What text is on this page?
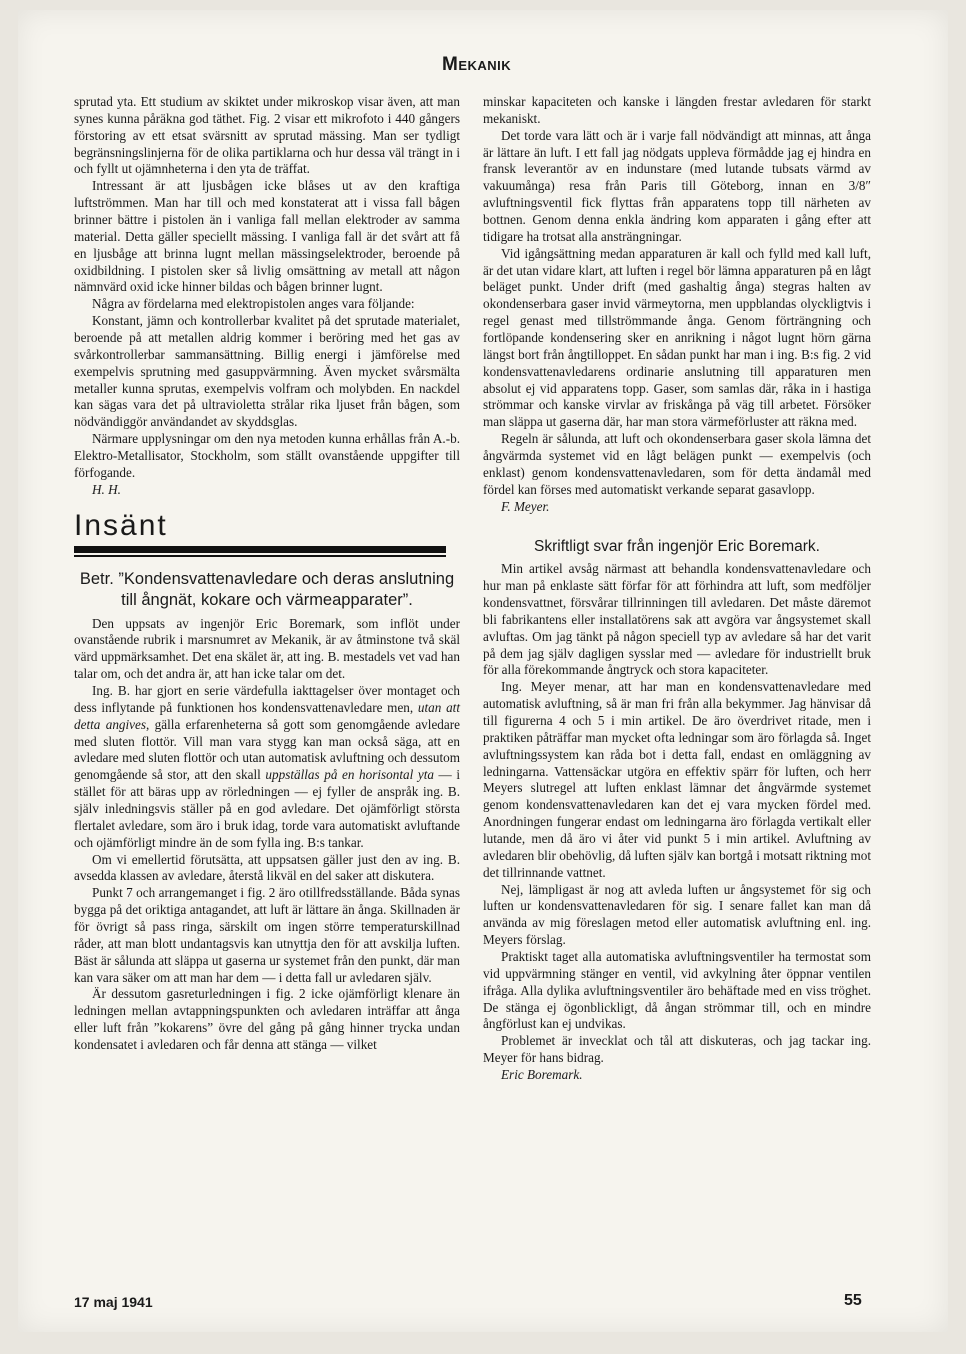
Mekanik

sprutad yta. Ett studium av skiktet under mikroskop visar även, att man synes kunna påräkna god täthet. Fig. 2 visar ett mikrofoto i 440 gångers förstoring av ett etsat svärsnitt av sprutad mässing. Man ser tydligt begränsningslinjerna för de olika partiklarna och hur dessa väl trängt in i och fyllt ut ojämnheterna i den yta de träffat.

Intressant är att ljusbågen icke blåses ut av den kraftiga luftströmmen. Man har till och med konstaterat att i vissa fall bågen brinner bättre i pistolen än i vanliga fall mellan elektroder av samma material. Detta gäller speciellt mässing. I vanliga fall är det svårt att få en ljusbåge att brinna lugnt mellan mässingselektroder, beroende på oxidbildning. I pistolen sker så livlig omsättning av metall att någon nämnvärd oxid icke hinner bildas och bågen brinner lugnt.

Några av fördelarna med elektropistolen anges vara följande:

Konstant, jämn och kontrollerbar kvalitet på det sprutade materialet, beroende på att metallen aldrig kommer i beröring med het gas av svårkontrollerbar sammansättning. Billig energi i jämförelse med exempelvis sprutning med gasuppvärmning. Även mycket svårsmälta metaller kunna sprutas, exempelvis volfram och molybden. En nackdel kan sägas vara det på ultravioletta strålar rika ljuset från bågen, som nödvändiggör användandet av skyddsglas.

Närmare upplysningar om den nya metoden kunna erhållas från A.-b. Elektro-Metallisator, Stockholm, som ställt ovanstående uppgifter till förfogande.

H. H.

Insänt
Betr. ”Kondensvattenavledare och deras anslutning till ångnät, kokare och värmeapparater”.

Den uppsats av ingenjör Eric Boremark, som inflöt under ovanstående rubrik i marsnumret av Mekanik, är av åtminstone två skäl värd uppmärksamhet. Det ena skälet är, att ing. B. mestadels vet vad han talar om, och det andra är, att han icke talar om det.

Ing. B. har gjort en serie värdefulla iakttagelser över montaget och dess inflytande på funktionen hos kondensvattenavledare men, utan att detta angives, gälla erfarenheterna så gott som genomgående avledare med sluten flottör. Vill man vara stygg kan man också säga, att en avledare med sluten flottör och utan automatisk avluftning och dessutom genomgående så stor, att den skall uppställas på en horisontal yta — i stället för att bäras upp av rörledningen — ej fyller de anspråk ing. B. själv inledningsvis ställer på en god avledare. Det ojämförligt största flertalet avledare, som äro i bruk idag, torde vara automatiskt avluftande och ojämförligt mindre än de som fylla ing. B:s tankar.

Om vi emellertid förutsätta, att uppsatsen gäller just den av ing. B. avsedda klassen av avledare, återstå likväl en del saker att diskutera.

Punkt 7 och arrangemanget i fig. 2 äro otillfredsställande. Båda synas bygga på det oriktiga antagandet, att luft är lättare än ånga. Skillnaden är för övrigt så pass ringa, särskilt om ingen större temperaturskillnad råder, att man blott undantagsvis kan utnyttja den för att avskilja luften. Bäst är sålunda att släppa ut gaserna ur systemet från den punkt, där man kan vara säker om att man har dem — i detta fall ur avledaren själv.

Är dessutom gasreturledningen i fig. 2 icke ojämförligt klenare än ledningen mellan avtappningspunkten och avledaren inträffar att ånga eller luft från ”kokarens” övre del gång på gång hinner trycka undan kondensatet i avledaren och får denna att stänga — vilket

minskar kapaciteten och kanske i längden frestar avledaren för starkt mekaniskt.

Det torde vara lätt och är i varje fall nödvändigt att minnas, att ånga är lättare än luft. I ett fall jag nödgats uppleva förmådde jag ej hindra en fransk leverantör av en indunstare (med lutande tubsats värmd av vakuumånga) resa från Paris till Göteborg, innan en 3/8″ avluftningsventil fick flyttas från apparatens topp till närheten av bottnen. Genom denna enkla ändring kom apparaten i gång efter att tidigare ha trotsat alla ansträngningar.

Vid igångsättning medan apparaturen är kall och fylld med kall luft, är det utan vidare klart, att luften i regel bör lämna apparaturen på en lågt beläget punkt. Under drift (med gashaltig ånga) stegras halten av okondenserbara gaser invid värmeytorna, men uppblandas olyckligtvis i regel genast med tillströmmande ånga. Genom förträngning och fortlöpande kondensering sker en anrikning i något lugnt hörn gärna längst bort från ångtilloppet. En sådan punkt har man i ing. B:s fig. 2 vid kondensvattenavledarens ordinarie anslutning till apparaturen men absolut ej vid apparatens topp. Gaser, som samlas där, råka in i hastiga strömmar och kanske virvlar av friskånga på väg till arbetet. Försöker man släppa ut gaserna där, har man stora värmeförluster att räkna med.

Regeln är sålunda, att luft och okondenserbara gaser skola lämna det ångvärmda systemet vid en lågt belägen punkt — exempelvis (och enklast) genom kondensvattenavledaren, som för detta ändamål med fördel kan förses med automatiskt verkande separat gasavlopp.

F. Meyer.

Skriftligt svar från ingenjör Eric Boremark.

Min artikel avsåg närmast att behandla kondensvattenavledare och hur man på enklaste sätt förfar för att förhindra att luft, som medföljer kondensvattnet, försvårar tillrinningen till avledaren. Det måste däremot bli fabrikantens eller installatörens sak att avgöra var ångsystemet skall avluftas. Om jag tänkt på någon speciell typ av avledare så har det varit på dem jag själv dagligen sysslar med — avledare för industriellt bruk för alla förekommande ångtryck och stora kapaciteter.

Ing. Meyer menar, att har man en kondensvattenavledare med automatisk avluftning, så är man fri från alla bekymmer. Jag hänvisar då till figurerna 4 och 5 i min artikel. De äro överdrivet ritade, men i praktiken påträffar man mycket ofta ledningar som äro förlagda så. Inget avluftningssystem kan råda bot i detta fall, endast en omläggning av ledningarna. Vattensäckar utgöra en effektiv spärr för luften, och herr Meyers slutregel att luften enklast lämnar det ångvärmde systemet genom kondensvattenavledaren kan det ej vara mycken fördel med. Anordningen fungerar endast om ledningarna äro förlagda vertikalt eller lutande, men då äro vi åter vid punkt 5 i min artikel. Avluftning av avledaren blir obehövlig, då luften själv kan bortgå i motsatt riktning mot det tillrinnande vattnet.

Nej, lämpligast är nog att avleda luften ur ångsystemet för sig och luften ur kondensvattenavledaren för sig. I senare fallet kan man då använda av mig föreslagen metod eller automatisk avluftning enl. ing. Meyers förslag.

Praktiskt taget alla automatiska avluftningsventiler ha termostat som vid uppvärmning stänger en ventil, vid avkylning åter öppnar ventilen ifråga. Alla dylika avluftningsventiler äro behäftade med en viss tröghet. De stänga ej ögonblickligt, då ångan strömmar till, och en mindre ångförlust kan ej undvikas.

Problemet är invecklat och tål att diskuteras, och jag tackar ing. Meyer för hans bidrag.

Eric Boremark.

17 maj 1941	55
